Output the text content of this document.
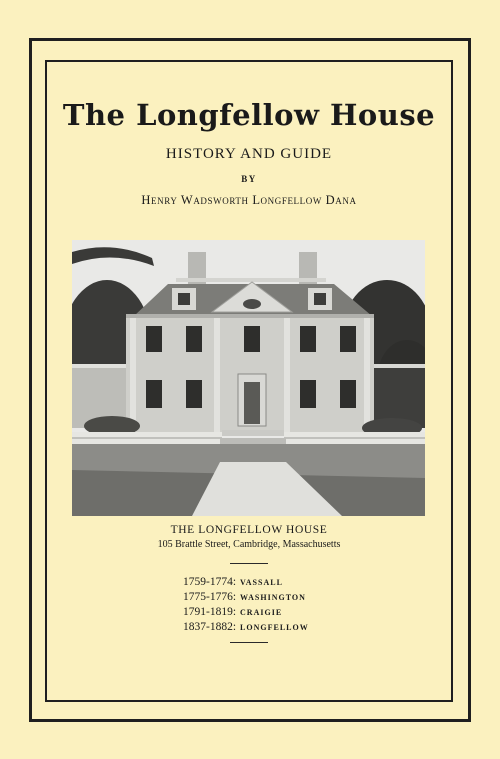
The Longfellow House
HISTORY AND GUIDE
BY
Henry Wadsworth Longfellow Dana
THE LONGFELLOW HOUSE
105 Brattle Street, Cambridge, Massachusetts
1759-1774: VASSALL
1775-1776: WASHINGTON
1791-1819: CRAIGIE
1837-1882: LONGFELLOW
